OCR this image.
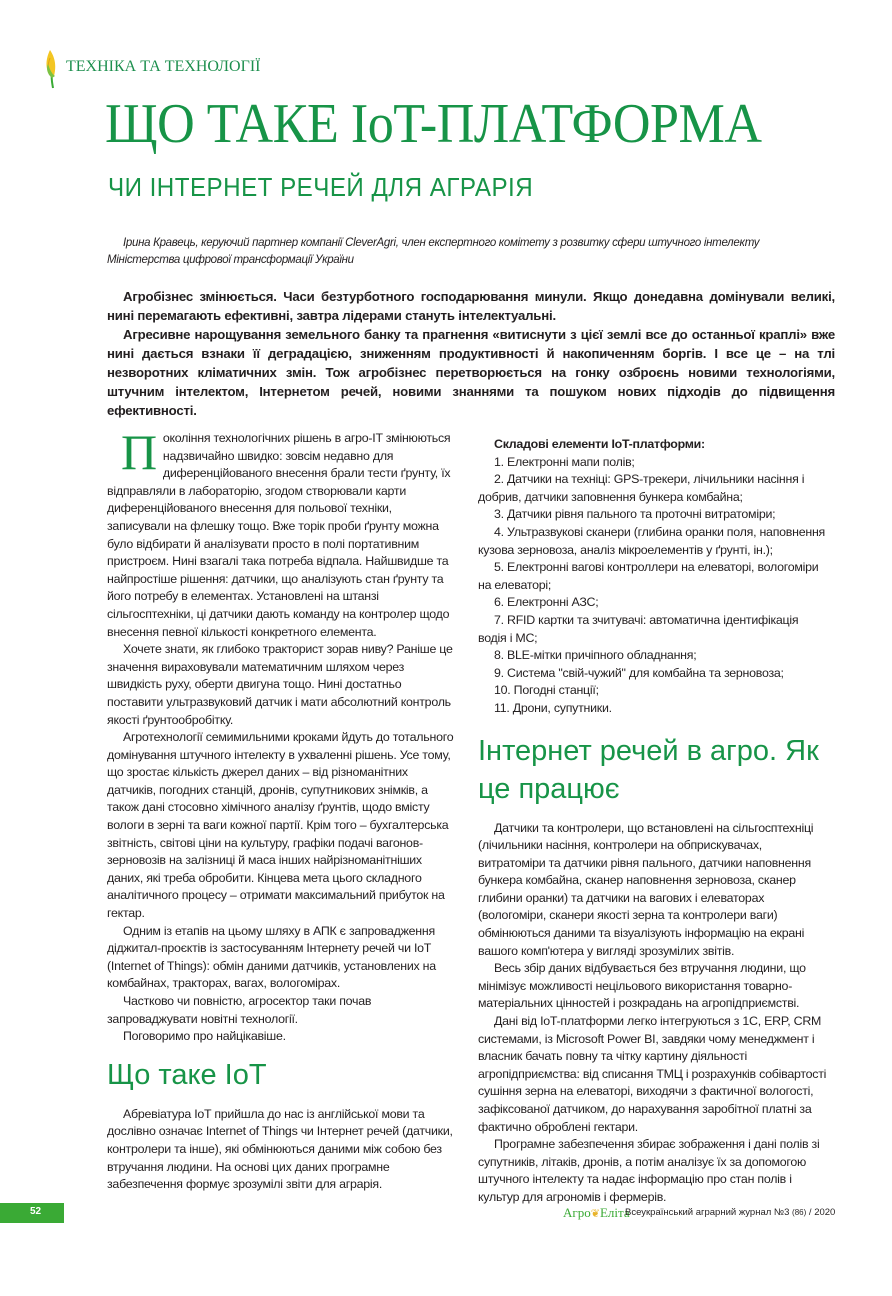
ТЕХНІКА ТА ТЕХНОЛОГІЇ
ЩО ТАКЕ IoT-ПЛАТФОРМА
ЧИ ІНТЕРНЕТ РЕЧЕЙ ДЛЯ АГРАРІЯ
Ірина Кравець, керуючий партнер компанії CleverAgri, член експертного комітету з розвитку сфери штучного інтелекту Міністерства цифрової трансформації України

Агробізнес змінюється. Часи безтурботного господарювання минули. Якщо донедавна домінували великі, нині перемагають ефективні, завтра лідерами стануть інтелектуальні.

Агресивне нарощування земельного банку та прагнення «витиснути з цієї землі все до останньої краплі» вже нині дається взнаки її деградацією, зниженням продуктивності й накопиченням боргів. І все це – на тлі незворотних кліматичних змін. Тож агробізнес перетворюється на гонку озброєнь новими технологіями, штучним інтелектом, Інтернетом речей, новими знаннями та пошуком нових підходів до підвищення ефективності.

Покоління технологічних рішень в агро-IT змінюються надзвичайно швидко: зовсім недавно для диференційованого внесення брали тести ґрунту, їх відправляли в лабораторію, згодом створювали карти диференційованого внесення для польової техніки, записували на флешку тощо. Вже торік проби ґрунту можна було відбирати й аналізувати просто в полі портативним пристроєм. Нині взагалі така потреба відпала. Найшвидше та найпростіше рішення: датчики, що аналізують стан ґрунту та його потребу в елементах. Установлені на штанзі сільгосптехніки, ці датчики дають команду на контролер щодо внесення певної кількості конкретного елемента.

Хочете знати, як глибоко тракторист зорав ниву? Раніше це значення вираховували математичним шляхом через швидкість руху, оберти двигуна тощо. Нині достатньо поставити ультразвуковий датчик і мати абсолютний контроль якості ґрунтообробітку.

Агротехнології семимильними кроками йдуть до тотального домінування штучного інтелекту в ухваленні рішень. Усе тому, що зростає кількість джерел даних – від різноманітних датчиків, погодних станцій, дронів, супутникових знімків, а також дані стосовно хімічного аналізу ґрунтів, щодо вмісту вологи в зерні та ваги кожної партії. Крім того – бухгалтерська звітність, світові ціни на культуру, графіки подачі вагонов-зерновозів на залізниці й маса інших найрізноманітніших даних, які треба обробити. Кінцева мета цього складного аналітичного процесу – отримати максимальний прибуток на гектар.

Одним із етапів на цьому шляху в АПК є запровадження діджитал-проєктів із застосуванням Інтернету речей чи IoT (Internet of Things): обмін даними датчиків, установлених на комбайнах, тракторах, вагах, вологомірах.

Частково чи повністю, агросектор таки почав запроваджувати новітні технології.

Поговоримо про найцікавіше.

Що таке IoT

Абревіатура IoT прийшла до нас із англійської мови та дослівно означає Internet of Things чи Інтернет речей (датчики, контролери та інше), які обмінюються даними між собою без втручання людини. На основі цих даних програмне забезпечення формує зрозумілі звіти для аграрія.

Складові елементи IoT-платформи:

1. Електронні мапи полів;

2. Датчики на техніці: GPS-трекери, лічильники насіння і добрив, датчики заповнення бункера комбайна;

3. Датчики рівня пального та проточні витратоміри;

4. Ультразвукові сканери (глибина оранки поля, наповнення кузова зерновоза, аналіз мікроелементів у ґрунті, ін.);

5. Електронні вагові контроллери на елеваторі, вологоміри на елеваторі;

6. Електронні АЗС;

7. RFID картки та зчитувачі: автоматична ідентифікація водія і МС;

8. BLE-мітки причіпного обладнання;

9. Система "свій-чужий" для комбайна та зерновоза;

10. Погодні станції;

11. Дрони, супутники.

Інтернет речей в агро. Як це працює

Датчики та контролери, що встановлені на сільгосптехніці (лічильники насіння, контролери на обприскувачах, витратоміри та датчики рівня пального, датчики наповнення бункера комбайна, сканер наповнення зерновоза, сканер глибини оранки) та датчики на вагових і елеваторах (вологоміри, сканери якості зерна та контролери ваги) обмінюються даними та візуалізують інформацію на екрані вашого комп'ютера у вигляді зрозумілих звітів.

Весь збір даних відбувається без втручання людини, що мінімізує можливості нецільового використання товарно-матеріальних цінностей і розкрадань на агропідприємстві.

Дані від IoT-платформи легко інтегруються з 1С, ERP, CRM системами, із Microsoft Power BI, завдяки чому менеджмент і власник бачать повну та чітку картину діяльності агропідприємства: від списання ТМЦ і розрахунків собівартості сушіння зерна на елеваторі, виходячи з фактичної вологості, зафіксованої датчиком, до нарахування заробітної платні за фактично оброблені гектари.

Програмне забезпечення збирає зображення і дані полів зі супутників, літаків, дронів, а потім аналізує їх за допомогою штучного інтелекту та надає інформацію про стан полів і культур для агрономів і фермерів.

52	Агро❦Еліта
Всеукраїнський аграрний журнал №3 (86) / 2020
